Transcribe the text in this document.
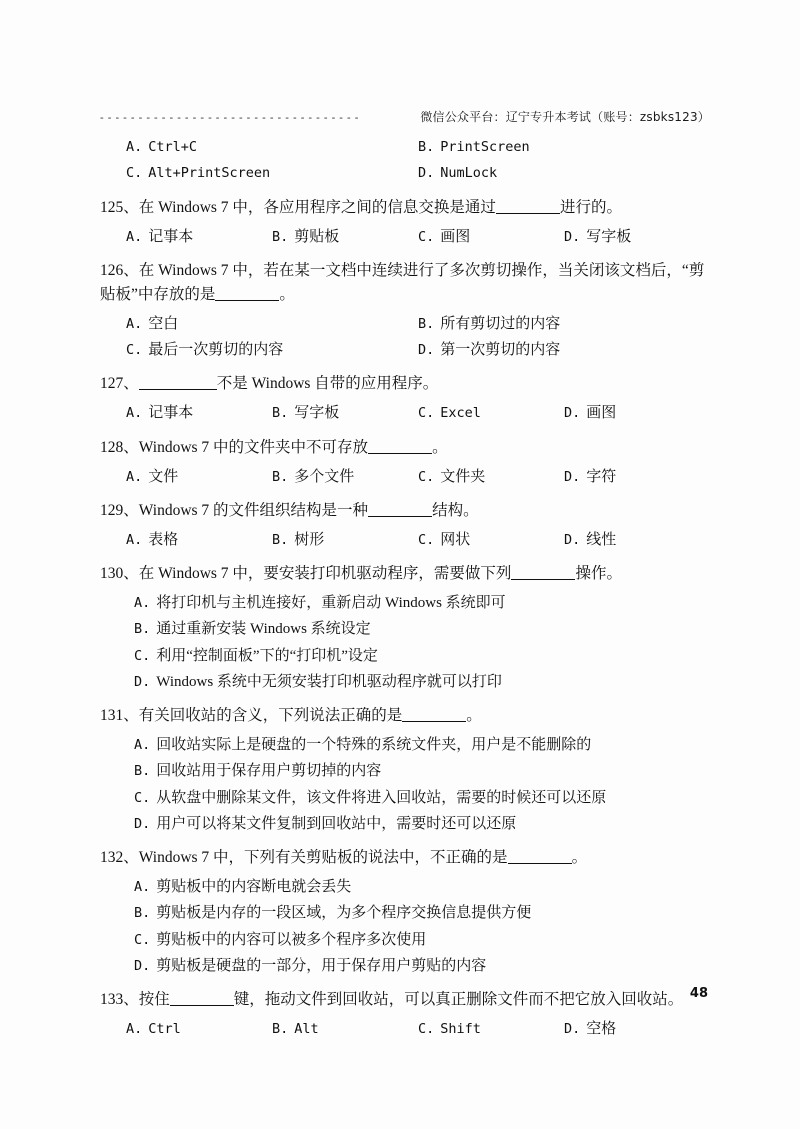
- - - - - - - - - - - - - - - - - - - - - - - - - - - - - - - - - -	微信公众平台：辽宁专升本考试（账号：zsbks123）
A. Ctrl+C	B. PrintScreen
C. Alt+PrintScreen	D. NumLock
125、在 Windows 7 中，各应用程序之间的信息交换是通过	进行的。
A. 记事本	B. 剪贴板	C. 画图	D. 写字板
126、在 Windows 7 中，若在某一文档中连续进行了多次剪切操作，当关闭该文档后，“剪贴板”中存放的是	。
A. 空白	B. 所有剪切过的内容
C. 最后一次剪切的内容	D. 第一次剪切的内容
127、	不是 Windows 自带的应用程序。
A. 记事本	B. 写字板	C. Excel	D. 画图
128、Windows 7 中的文件夹中不可存放	。
A. 文件	B. 多个文件	C. 文件夹	D. 字符
129、Windows 7 的文件组织结构是一种	结构。
A. 表格	B. 树形	C. 网状	D. 线性
130、在 Windows 7 中，要安装打印机驱动程序，需要做下列	操作。
A. 将打印机与主机连接好，重新启动 Windows 系统即可
B. 通过重新安装 Windows 系统设定
C. 利用“控制面板”下的“打印机”设定
D. Windows 系统中无须安装打印机驱动程序就可以打印
131、有关回收站的含义，下列说法正确的是	。
A. 回收站实际上是硬盘的一个特殊的系统文件夹，用户是不能删除的
B. 回收站用于保存用户剪切掉的内容
C. 从软盘中删除某文件，该文件将进入回收站，需要的时候还可以还原
D. 用户可以将某文件复制到回收站中，需要时还可以还原
132、Windows 7 中，下列有关剪贴板的说法中，不正确的是	。
A. 剪贴板中的内容断电就会丢失
B. 剪贴板是内存的一段区域，为多个程序交换信息提供方便
C. 剪贴板中的内容可以被多个程序多次使用
D. 剪贴板是硬盘的一部分，用于保存用户剪贴的内容
133、按住	键，拖动文件到回收站，可以真正删除文件而不把它放入回收站。
A. Ctrl	B. Alt	C. Shift	D. 空格
48
